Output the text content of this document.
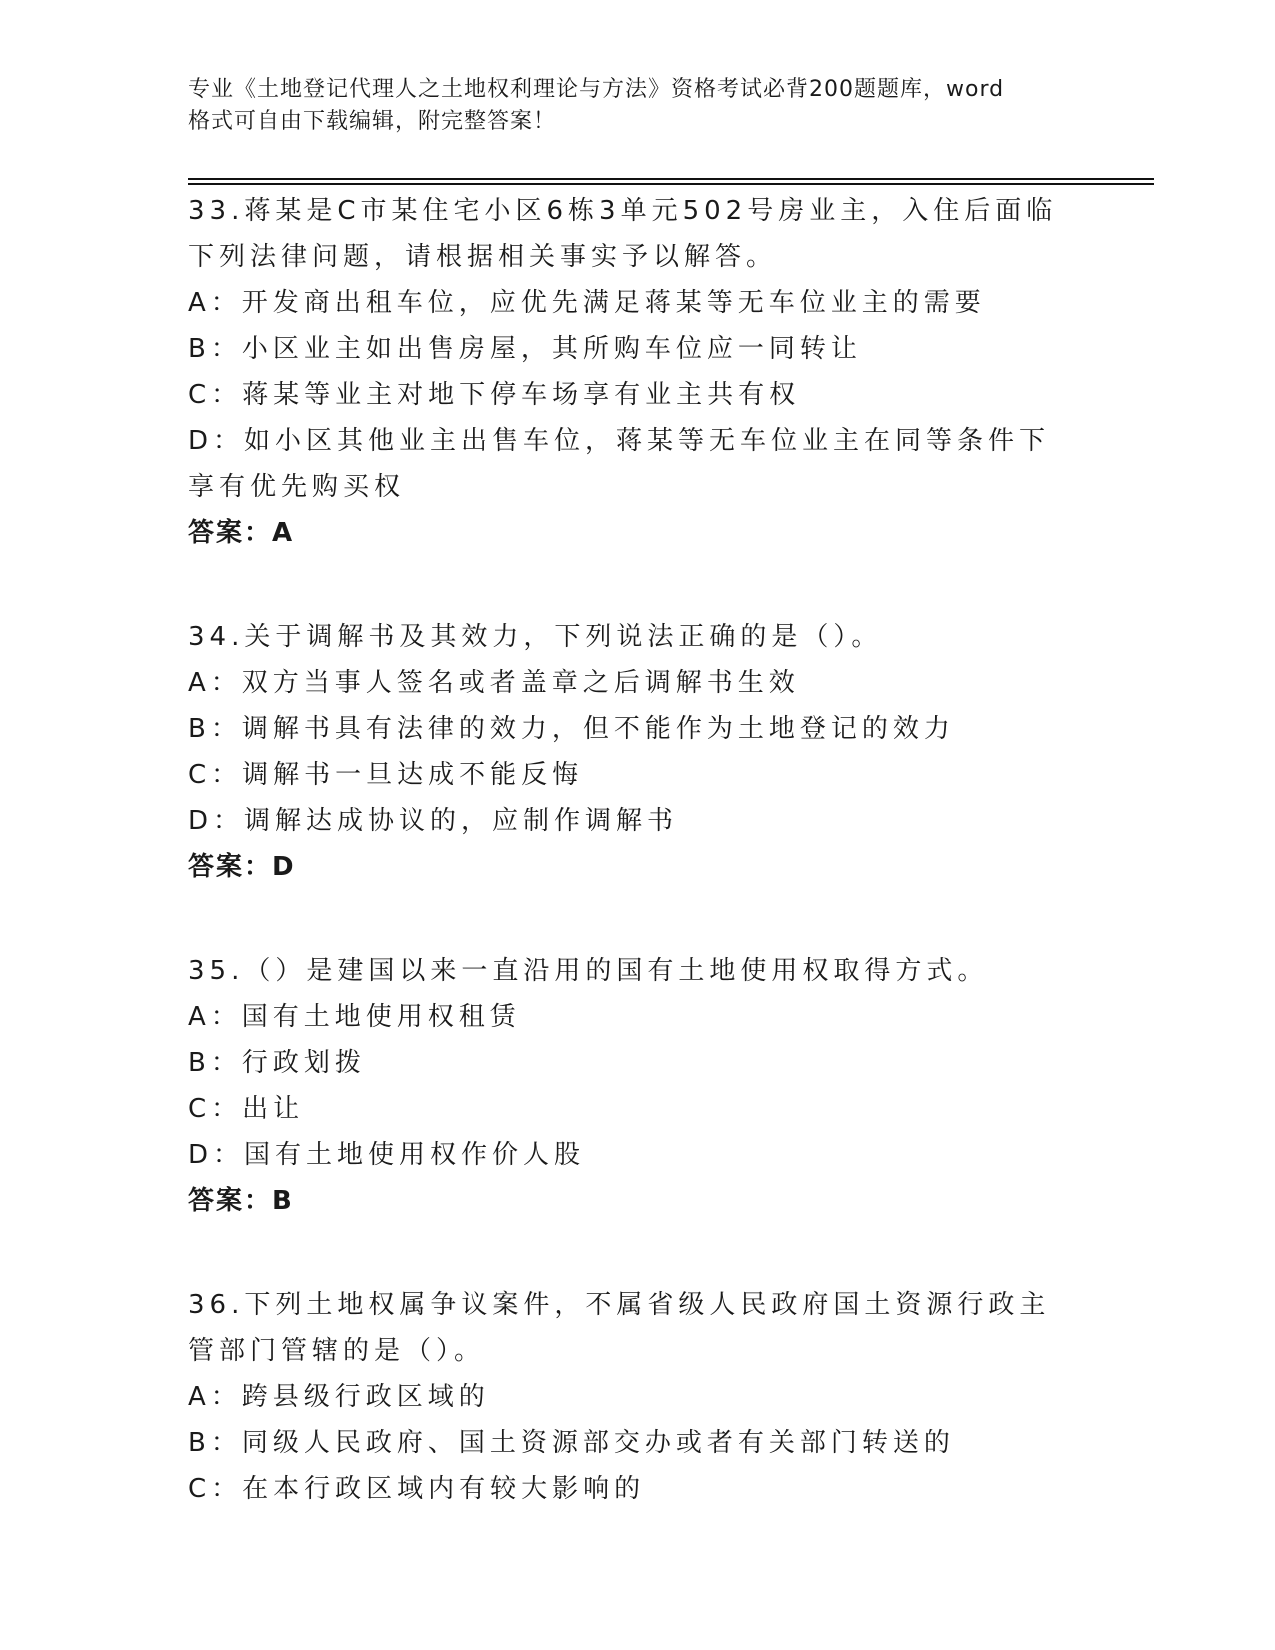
专业《土地登记代理人之土地权利理论与方法》资格考试必背200题题库，word
格式可自由下载编辑，附完整答案！
33.蒋某是C市某住宅小区6栋3单元502号房业主，入住后面临下列法律问题，请根据相关事实予以解答。
A：开发商出租车位，应优先满足蒋某等无车位业主的需要
B：小区业主如出售房屋，其所购车位应一同转让
C：蒋某等业主对地下停车场享有业主共有权
D：如小区其他业主出售车位，蒋某等无车位业主在同等条件下享有优先购买权
答案：A
34.关于调解书及其效力，下列说法正确的是（）。
A：双方当事人签名或者盖章之后调解书生效
B：调解书具有法律的效力，但不能作为土地登记的效力
C：调解书一旦达成不能反悔
D：调解达成协议的，应制作调解书
答案：D
35.（）是建国以来一直沿用的国有土地使用权取得方式。
A：国有土地使用权租赁
B：行政划拨
C：出让
D：国有土地使用权作价人股
答案：B
36.下列土地权属争议案件，不属省级人民政府国土资源行政主管部门管辖的是（）。
A：跨县级行政区域的
B：同级人民政府、国土资源部交办或者有关部门转送的
C：在本行政区域内有较大影响的
